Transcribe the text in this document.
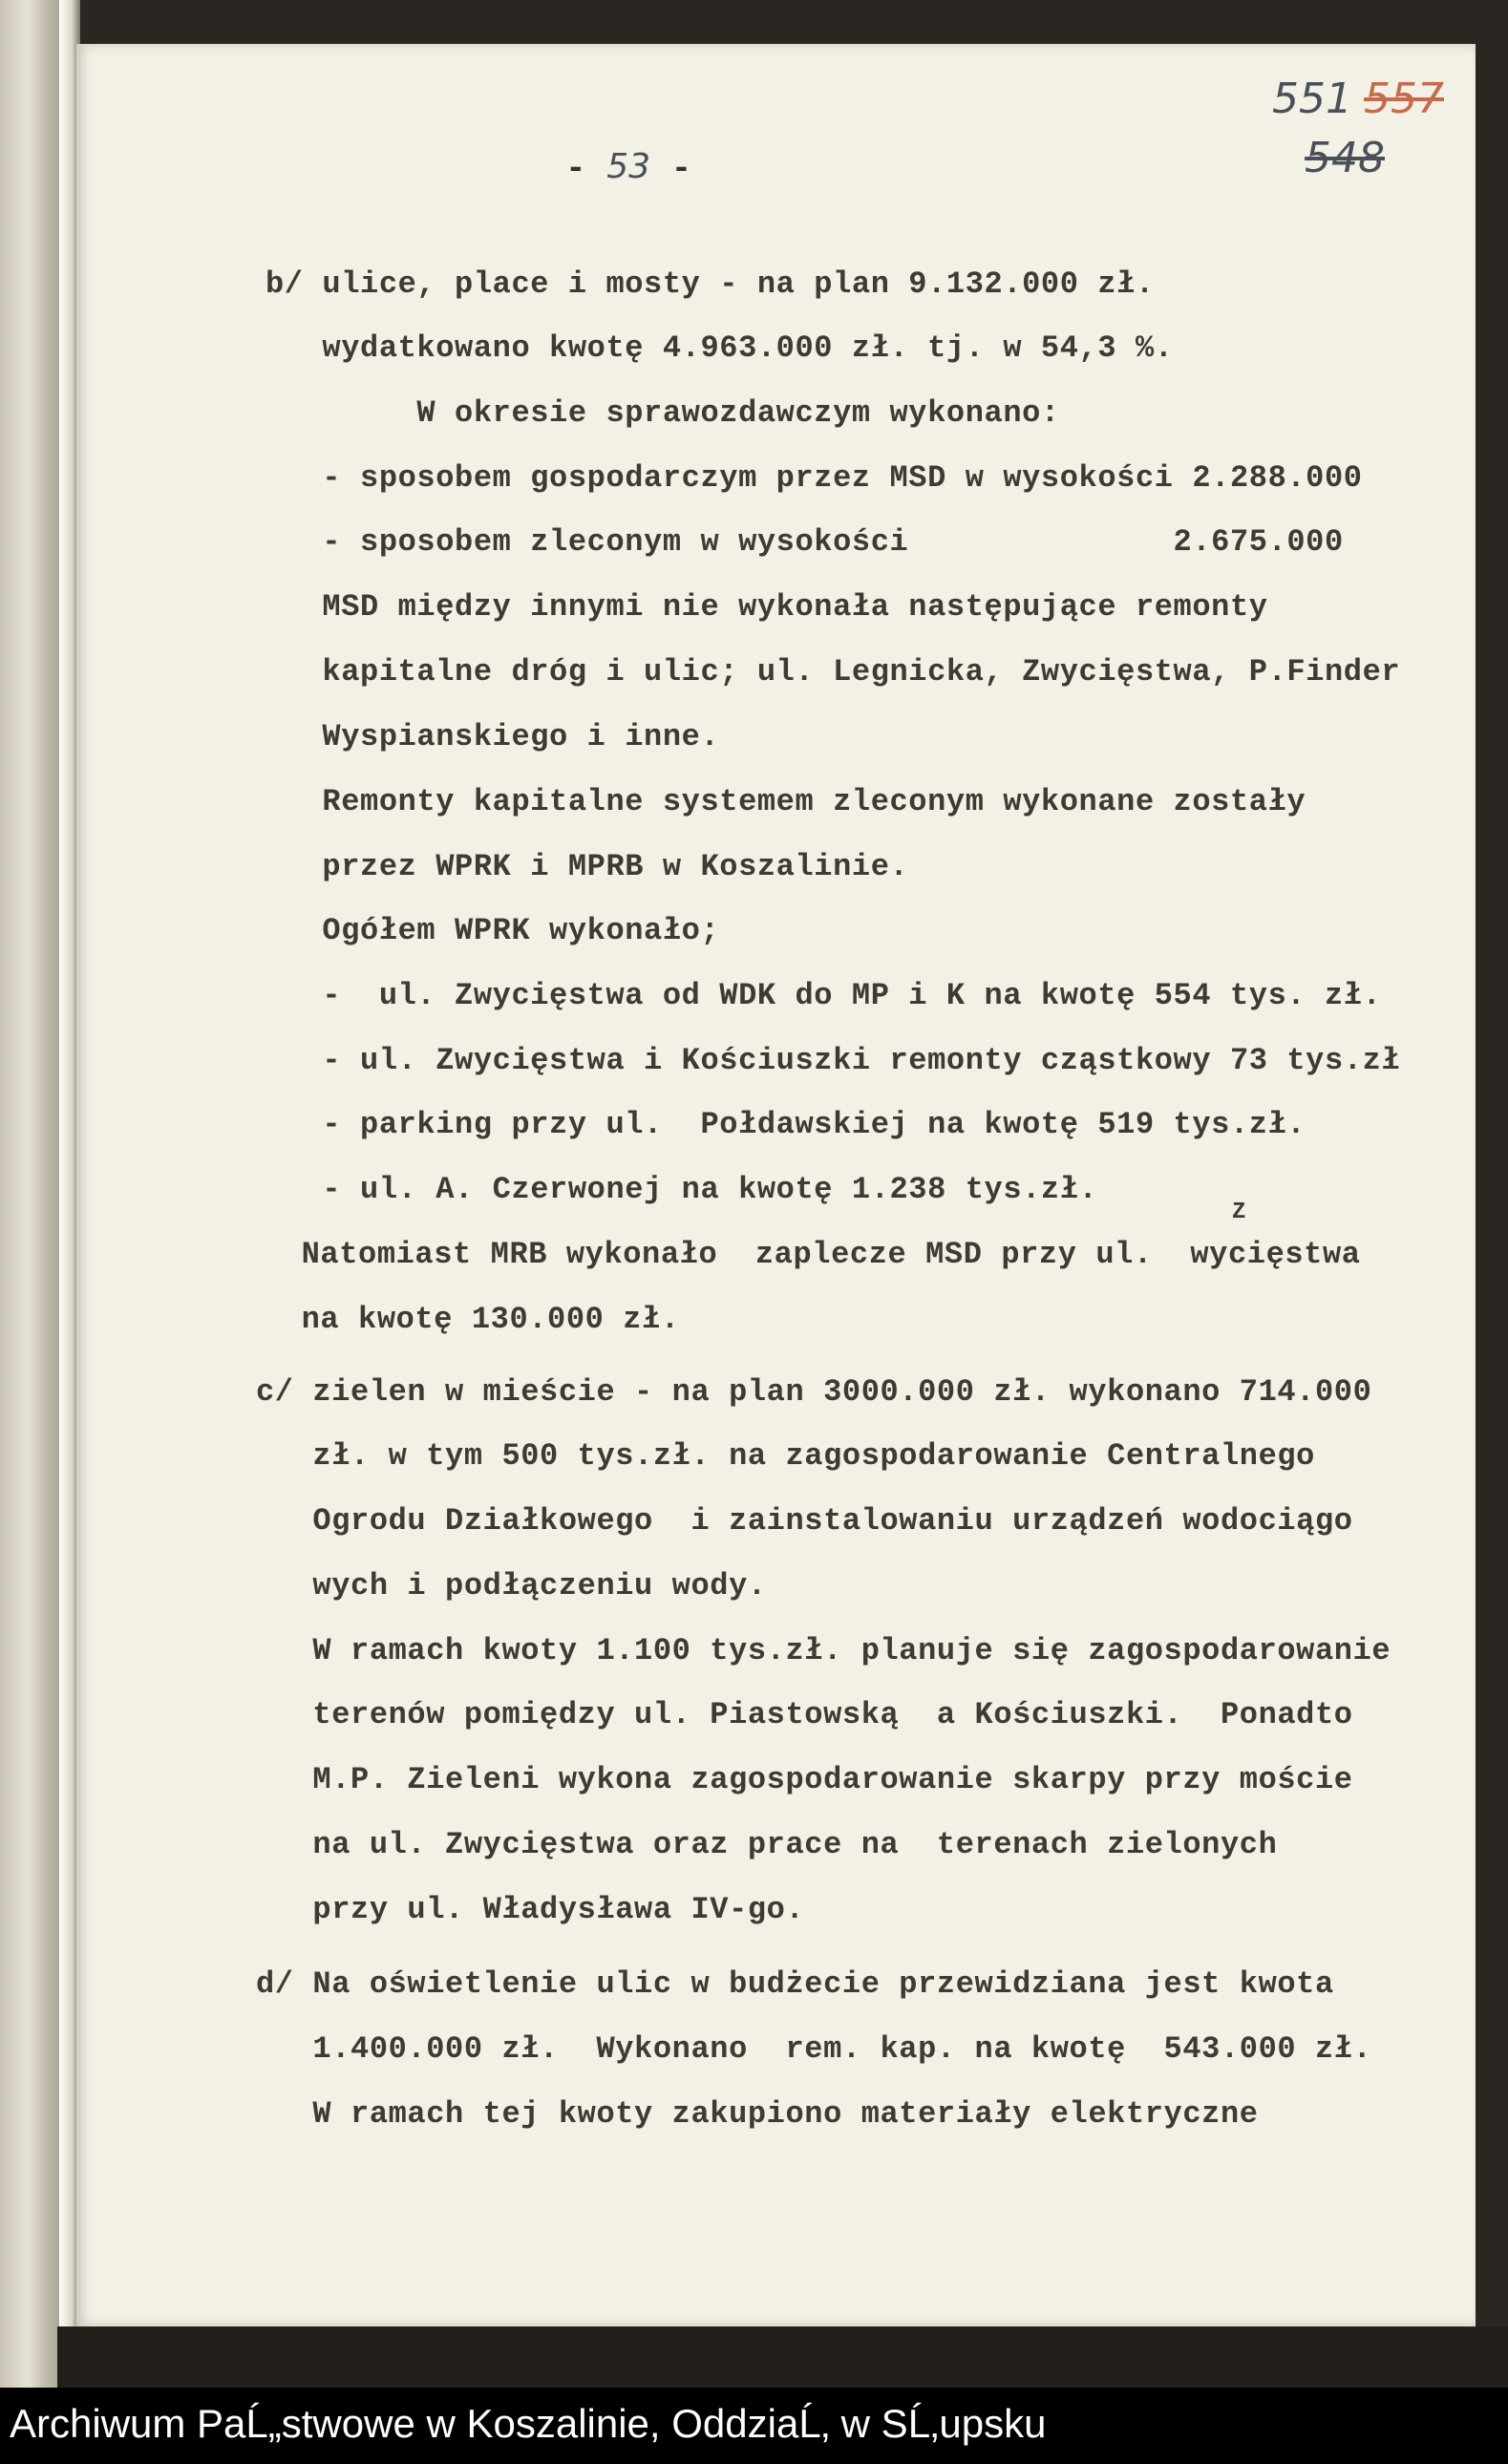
- 53 -
551 557
548
b/ ulice, place i mosty - na plan 9.132.000 zł.
wydatkowano kwotę 4.963.000 zł. tj. w 54,3 %.
W okresie sprawozdawczym wykonano:
- sposobem gospodarczym przez MSD w wysokości 2.288.000
- sposobem zleconym w wysokości              2.675.000
MSD między innymi nie wykonała następujące remonty
kapitalne dróg i ulic; ul. Legnicka, Zwycięstwa, P.Finder
Wyspianskiego i inne.
Remonty kapitalne systemem zleconym wykonane zostały
przez WPRK i MPRB w Koszalinie.
Ogółem WPRK wykonało;
-  ul. Zwycięstwa od WDK do MP i K na kwotę 554 tys. zł.
- ul. Zwycięstwa i Kościuszki remonty cząstkowy 73 tys.zł
- parking przy ul.  Połdawskiej na kwotę 519 tys.zł.
- ul. A. Czerwonej na kwotę 1.238 tys.zł.
Natomiast MRB wykonało  zaplecze MSD przy ul.  wycięstwa
na kwotę 130.000 zł.
c/ zielen w mieście - na plan 3000.000 zł. wykonano 714.000
zł. w tym 500 tys.zł. na zagospodarowanie Centralnego
Ogrodu Działkowego  i zainstalowaniu urządzeń wodociągo
wych i podłączeniu wody.
W ramach kwoty 1.100 tys.zł. planuje się zagospodarowanie
terenów pomiędzy ul. Piastowską  a Kościuszki.  Ponadto
M.P. Zieleni wykona zagospodarowanie skarpy przy moście
na ul. Zwycięstwa oraz prace na  terenach zielonych
przy ul. Władysława IV-go.
d/ Na oświetlenie ulic w budżecie przewidziana jest kwota
1.400.000 zł.  Wykonano  rem. kap. na kwotę  543.000 zł.
W ramach tej kwoty zakupiono materiały elektryczne
Z
Archiwum PaĹ„stwowe w Koszalinie, OddziaĹ‚ w SĹ‚upsku
